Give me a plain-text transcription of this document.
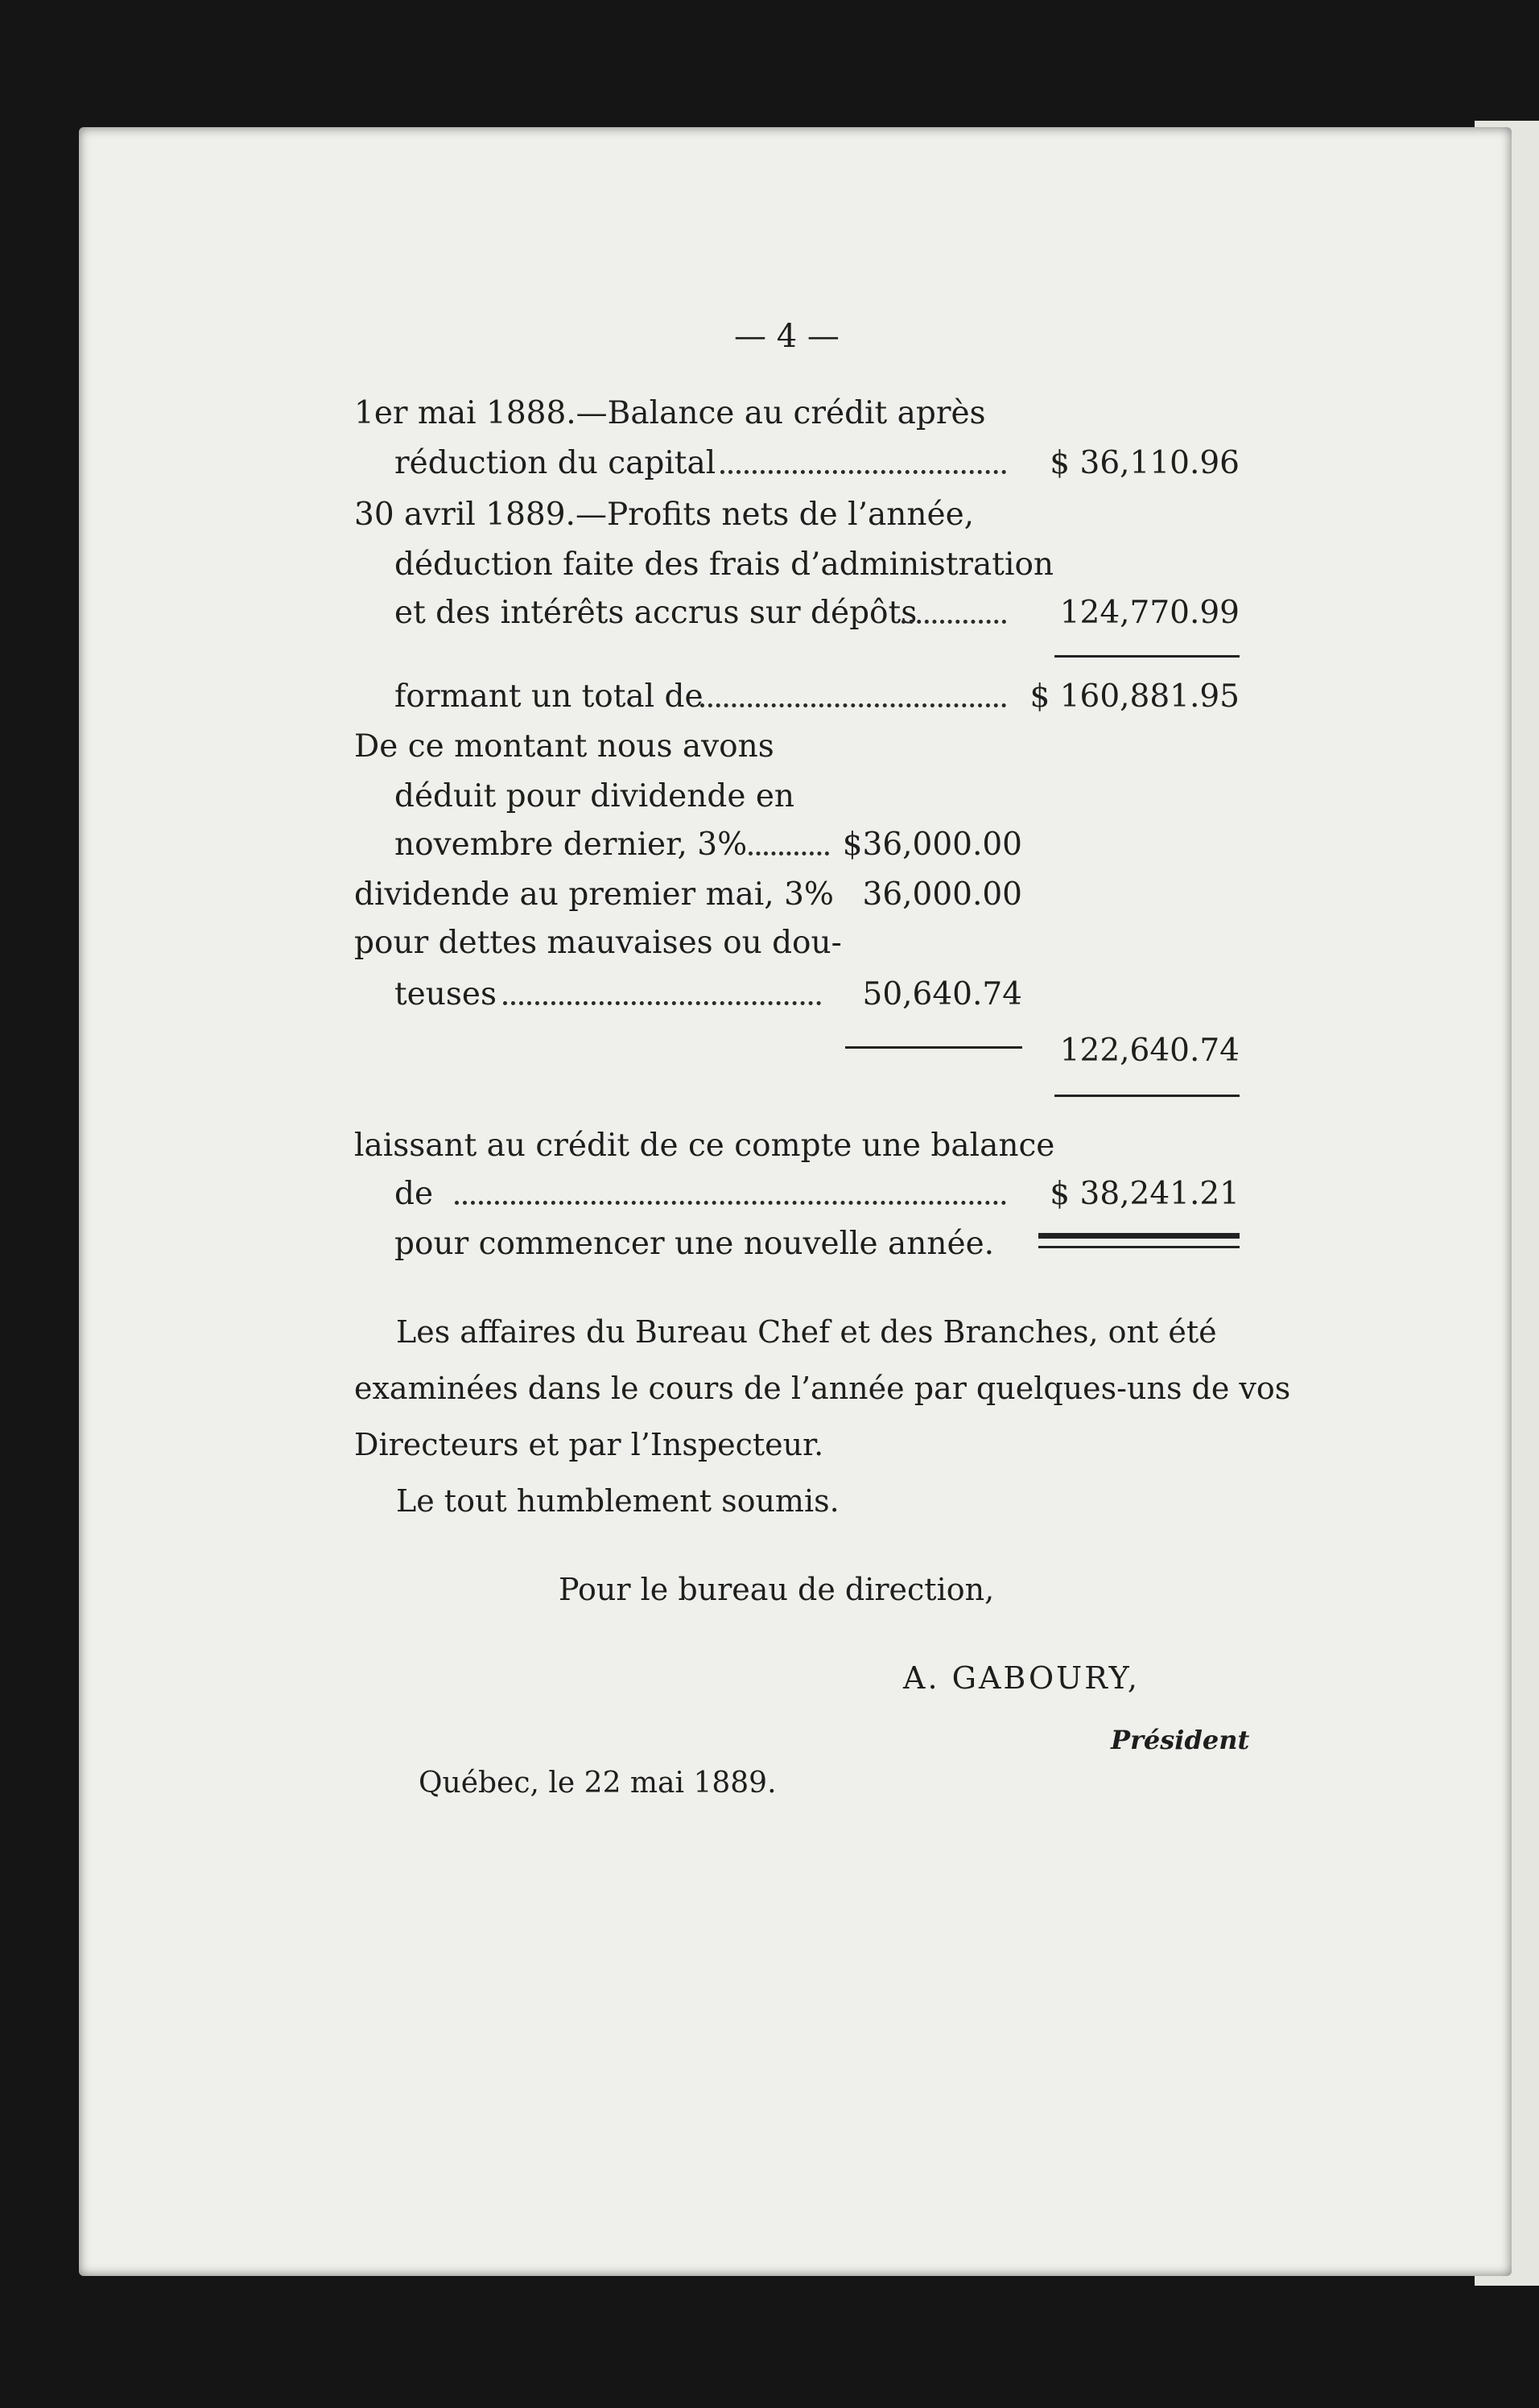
— 4 —
1er mai 1888.—Balance au crédit après
réduction du capital	$ 36,110.96
30 avril 1889.—Profits nets de l’année,
déduction faite des frais d’administration
et des intérêts accrus sur dépôts	124,770.99
formant un total de	$ 160,881.95
De ce montant nous avons
déduit pour dividende en
novembre dernier, 3%	$36,000.00
dividende au premier mai, 3% 36,000.00
pour dettes mauvaises ou dou-
teuses	50,640.74
122,640.74
laissant au crédit de ce compte une balance
de	$ 38,241.21
pour commencer une nouvelle année.
Les affaires du Bureau Chef et des Branches, ont été
examinées dans le cours de l’année par quelques-uns de vos
Directeurs et par l’Inspecteur.
Le tout humblement soumis.
Pour le bureau de direction,
A. GABOURY,
Président
Québec, le 22 mai 1889.
